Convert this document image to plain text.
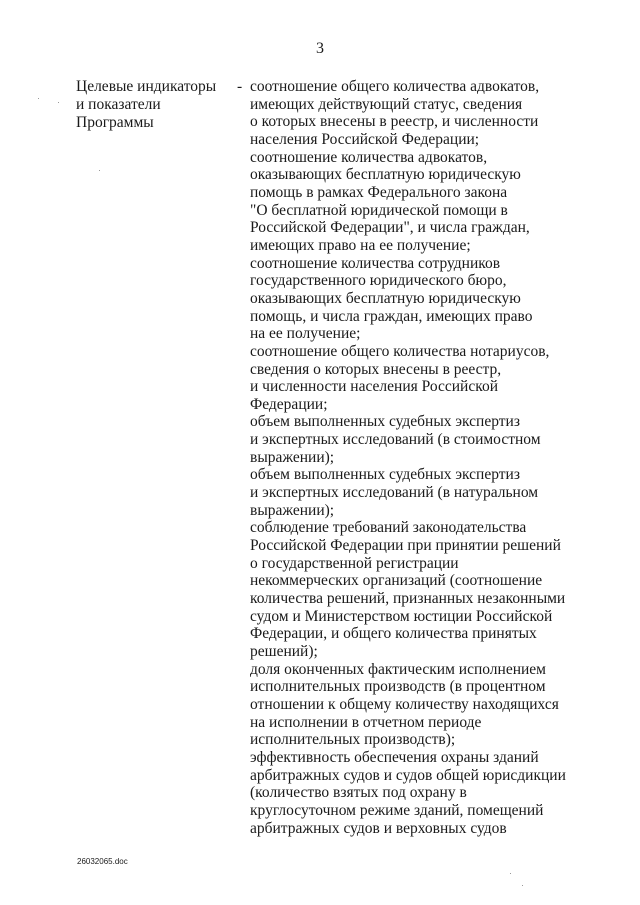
3
Целевые индикаторы
и показатели
Программы
- соотношение общего количества адвокатов,
имеющих действующий статус, сведения
о которых внесены в реестр, и численности
населения Российской Федерации;
соотношение количества адвокатов,
оказывающих бесплатную юридическую
помощь в рамках Федерального закона
"О бесплатной юридической помощи в
Российской Федерации", и числа граждан,
имеющих право на ее получение;
соотношение количества сотрудников
государственного юридического бюро,
оказывающих бесплатную юридическую
помощь, и числа граждан, имеющих право
на ее получение;
соотношение общего количества нотариусов,
сведения о которых внесены в реестр,
и численности населения Российской
Федерации;
объем выполненных судебных экспертиз
и экспертных исследований (в стоимостном
выражении);
объем выполненных судебных экспертиз
и экспертных исследований (в натуральном
выражении);
соблюдение требований законодательства
Российской Федерации при принятии решений
о государственной регистрации
некоммерческих организаций (соотношение
количества решений, признанных незаконными
судом и Министерством юстиции Российской
Федерации, и общего количества принятых
решений);
доля оконченных фактическим исполнением
исполнительных производств (в процентном
отношении к общему количеству находящихся
на исполнении в отчетном периоде
исполнительных производств);
эффективность обеспечения охраны зданий
арбитражных судов и судов общей юрисдикции
(количество взятых под охрану в
круглосуточном режиме зданий, помещений
арбитражных судов и верховных судов
26032065.doc
